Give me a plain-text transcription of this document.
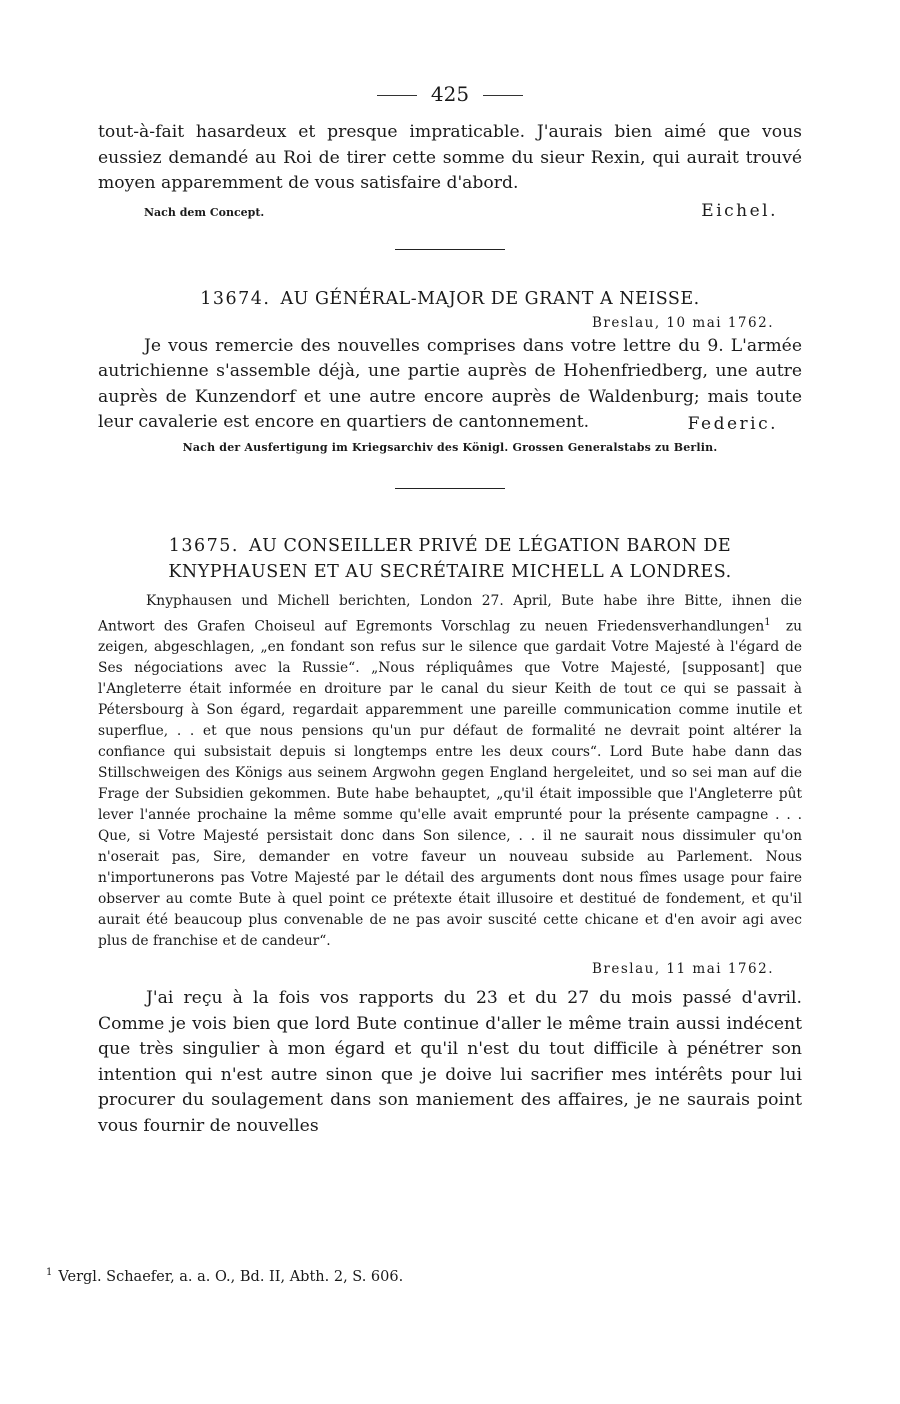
425

tout-à-fait hasardeux et presque impraticable. J'aurais bien aimé que vous eussiez demandé au Roi de tirer cette somme du sieur Rexin, qui aurait trouvé moyen apparemment de vous satisfaire d'abord.

Nach dem Concept.	Eichel.

13674. AU GÉNÉRAL-MAJOR DE GRANT A NEISSE.

Breslau, 10 mai 1762.

Je vous remercie des nouvelles comprises dans votre lettre du 9. L'armée autrichienne s'assemble déjà, une partie auprès de Hohenfriedberg, une autre auprès de Kunzendorf et une autre encore auprès de Waldenburg; mais toute leur cavalerie est encore en quartiers de cantonnement.	Federic.
Nach der Ausfertigung im Kriegsarchiv des Königl. Grossen Generalstabs zu Berlin.

13675. AU CONSEILLER PRIVÉ DE LÉGATION BARON DE
KNYPHAUSEN ET AU SECRÉTAIRE MICHELL A LONDRES.

Knyphausen und Michell berichten, London 27. April, Bute habe ihre Bitte, ihnen die Antwort des Grafen Choiseul auf Egremonts Vorschlag zu neuen Friedensverhandlungen$^1$ zu zeigen, abgeschlagen, „en fondant son refus sur le silence que gardait Votre Majesté à l'égard de Ses négociations avec la Russie“. „Nous répliquâmes que Votre Majesté, [supposant] que l'Angleterre était informée en droiture par le canal du sieur Keith de tout ce qui se passait à Pétersbourg à Son égard, regardait apparemment une pareille communication comme inutile et superflue, . . et que nous pensions qu'un pur défaut de formalité ne devrait point altérer la confiance qui subsistait depuis si longtemps entre les deux cours“. Lord Bute habe dann das Stillschweigen des Königs aus seinem Argwohn gegen England hergeleitet, und so sei man auf die Frage der Subsidien gekommen. Bute habe behauptet, „qu'il était impossible que l'Angleterre pût lever l'année prochaine la même somme qu'elle avait emprunté pour la présente campagne . . . Que, si Votre Majesté persistait donc dans Son silence, . . il ne saurait nous dissimuler qu'on n'oserait pas, Sire, demander en votre faveur un nouveau subside au Parlement. Nous n'importunerons pas Votre Majesté par le détail des arguments dont nous fîmes usage pour faire observer au comte Bute à quel point ce prétexte était illusoire et destitué de fondement, et qu'il aurait été beaucoup plus convenable de ne pas avoir suscité cette chicane et d'en avoir agi avec plus de franchise et de candeur“.

Breslau, 11 mai 1762.

J'ai reçu à la fois vos rapports du 23 et du 27 du mois passé d'avril. Comme je vois bien que lord Bute continue d'aller le même train aussi indécent que très singulier à mon égard et qu'il n'est du tout difficile à pénétrer son intention qui n'est autre sinon que je doive lui sacrifier mes intérêts pour lui procurer du soulagement dans son maniement des affaires, je ne saurais point vous fournir de nouvelles

$^1$ Vergl. Schaefer, a. a. O., Bd. II, Abth. 2, S. 606.
